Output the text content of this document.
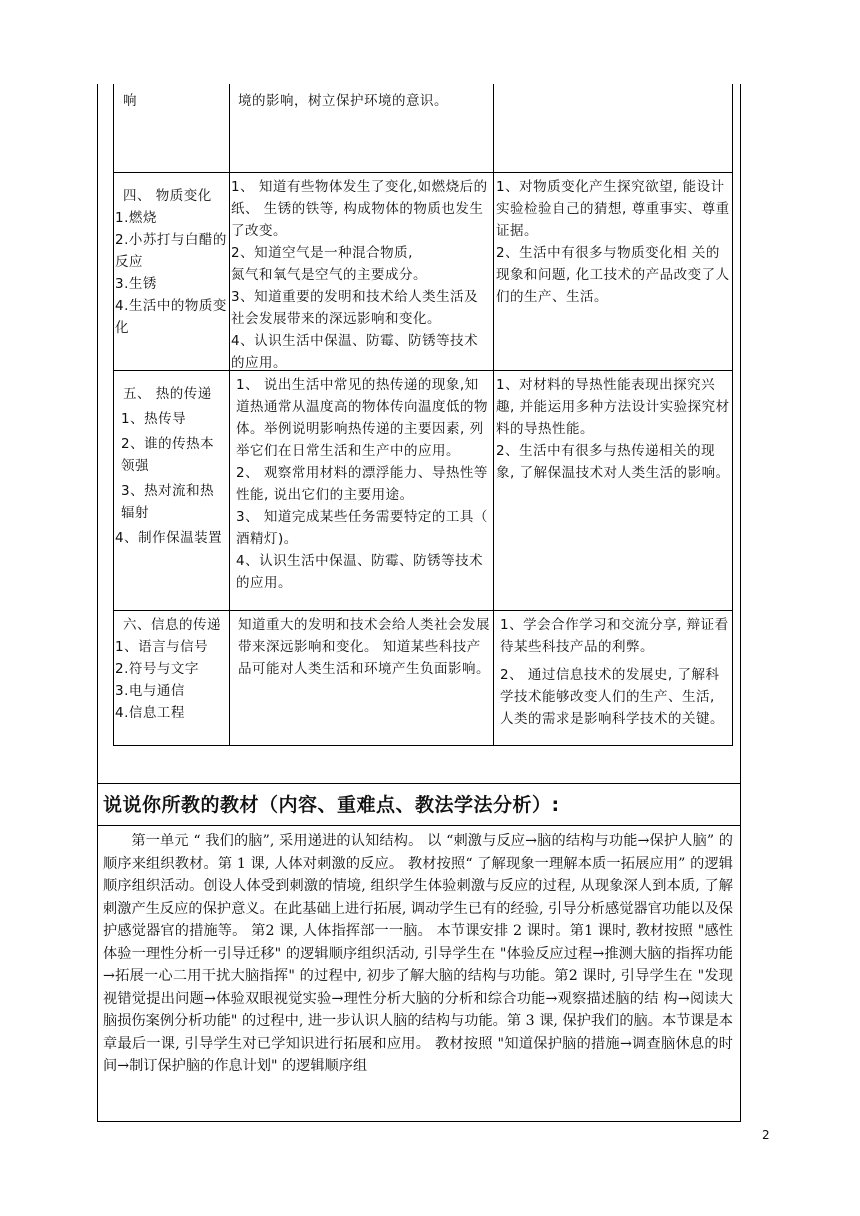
响	境的影响，树立保护环境的意识。

四、 物质变化

1.燃烧

2.小苏打与白醋的

反应

3.生锈

4.生活中的物质变化

1、 知道有些物体发生了变化,如燃烧后的纸、 生锈的铁等, 构成物体的物质也发生了改变。

2、知道空气是一种混合物质,

氮气和氧气是空气的主要成分。

3、知道重要的发明和技术给人类生活及社会发展带来的深远影响和变化。

4、认识生活中保温、防霉、防锈等技术的应用。

1、对物质变化产生探究欲望, 能设计实验检验自己的猜想, 尊重事实、尊重证据。

2、生活中有很多与物质变化相 关的现象和问题, 化工技术的产品改变了人们的生产、生活。

五、 热的传递

1、热传导

2、谁的传热本领强

3、热对流和热辐射

4、制作保温装置

1、 说出生活中常见的热传递的现象,知道热通常从温度高的物体传向温度低的物体。举例说明影响热传递的主要因素, 列举它们在日常生活和生产中的应用。

2、 观察常用材料的漂浮能力、导热性等性能, 说出它们的主要用途。

3、 知道完成某些任务需要特定的工具（ 酒精灯)。

4、认识生活中保温、防霉、防锈等技术的应用。

1、对材料的导热性能表现出探究兴趣, 并能运用多种方法设计实验探究材料的导热性能。

2、生活中有很多与热传递相关的现象, 了解保温技术对人类生活的影响。

六、信息的传递

1、语言与信号

2.符号与文字

3.电与通信

4.信息工程

知道重大的发明和技术会给人类社会发展带来深远影响和变化。 知道某些科技产品可能对人类生活和环境产生负面影响。

1、学会合作学习和交流分享, 辩证看待某些科技产品的利弊。

2、 通过信息技术的发展史, 了解科学技术能够改变人们的生产、生活, 人类的需求是影响科学技术的关键。

说说你所教的教材（内容、重难点、教法学法分析）:
第一单元 “ 我们的脑”, 采用递进的认知结构。 以 “刺激与反应→脑的结构与功能→保护人脑” 的顺序来组织教材。第 1 课, 人体对刺激的反应。 教材按照“ 了解现象一理解本质一拓展应用” 的逻辑顺序组织活动。创设人体受到刺激的情境, 组织学生体验刺激与反应的过程, 从现象深人到本质, 了解刺激产生反应的保护意义。在此基础上进行拓展, 调动学生已有的经验, 引导分析感觉器官功能以及保护感觉器官的措施等。 第2 课, 人体指挥部一一脑。 本节课安排 2 课时。第1 课时, 教材按照 "感性体验一理性分析一引导迁移" 的逻辑顺序组织活动, 引导学生在 "体验反应过程→推测大脑的指挥功能→拓展一心二用干扰大脑指挥" 的过程中, 初步了解大脑的结构与功能。第2 课时, 引导学生在 "发现视错觉提出问题→体验双眼视觉实验→理性分析大脑的分析和综合功能→观察描述脑的结 构→阅读大脑损伤案例分析功能" 的过程中, 进一步认识人脑的结构与功能。第 3 课, 保护我们的脑。本节课是本章最后一课, 引导学生对已学知识进行拓展和应用。 教材按照 "知道保护脑的措施→调查脑休息的时间→制订保护脑的作息计划" 的逻辑顺序组
2
